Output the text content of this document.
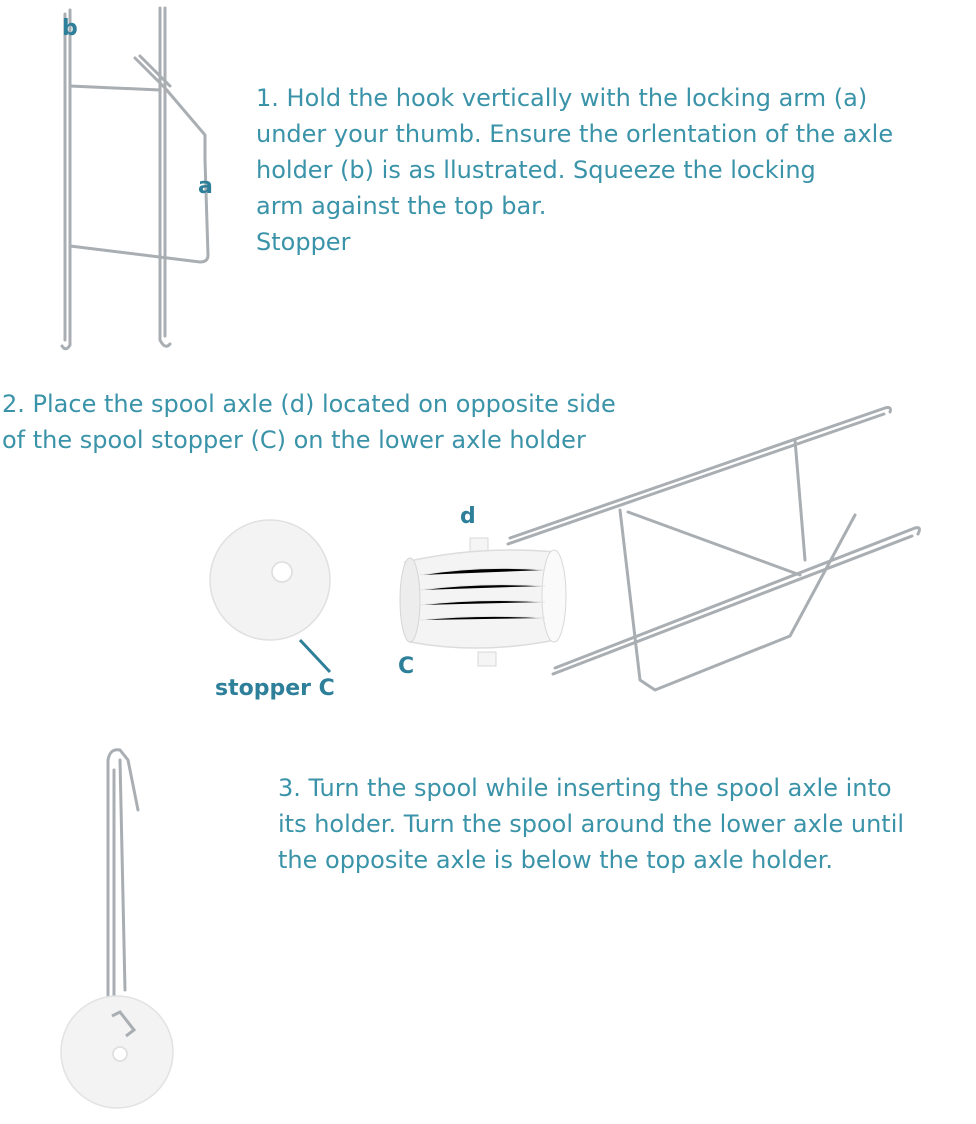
b
a
1. Hold the hook vertically with the locking arm (a)
under your thumb. Ensure the orlentation of the axle
holder (b) is as llustrated. Squeeze the locking
arm against the top bar.
Stopper
2. Place the spool axle (d) located on opposite side
of the spool stopper (C) on the lower axle holder
d
C
stopper C
3. Turn the spool while inserting the spool axle into
its holder. Turn the spool around the lower axle until
the opposite axle is below the top axle holder.
